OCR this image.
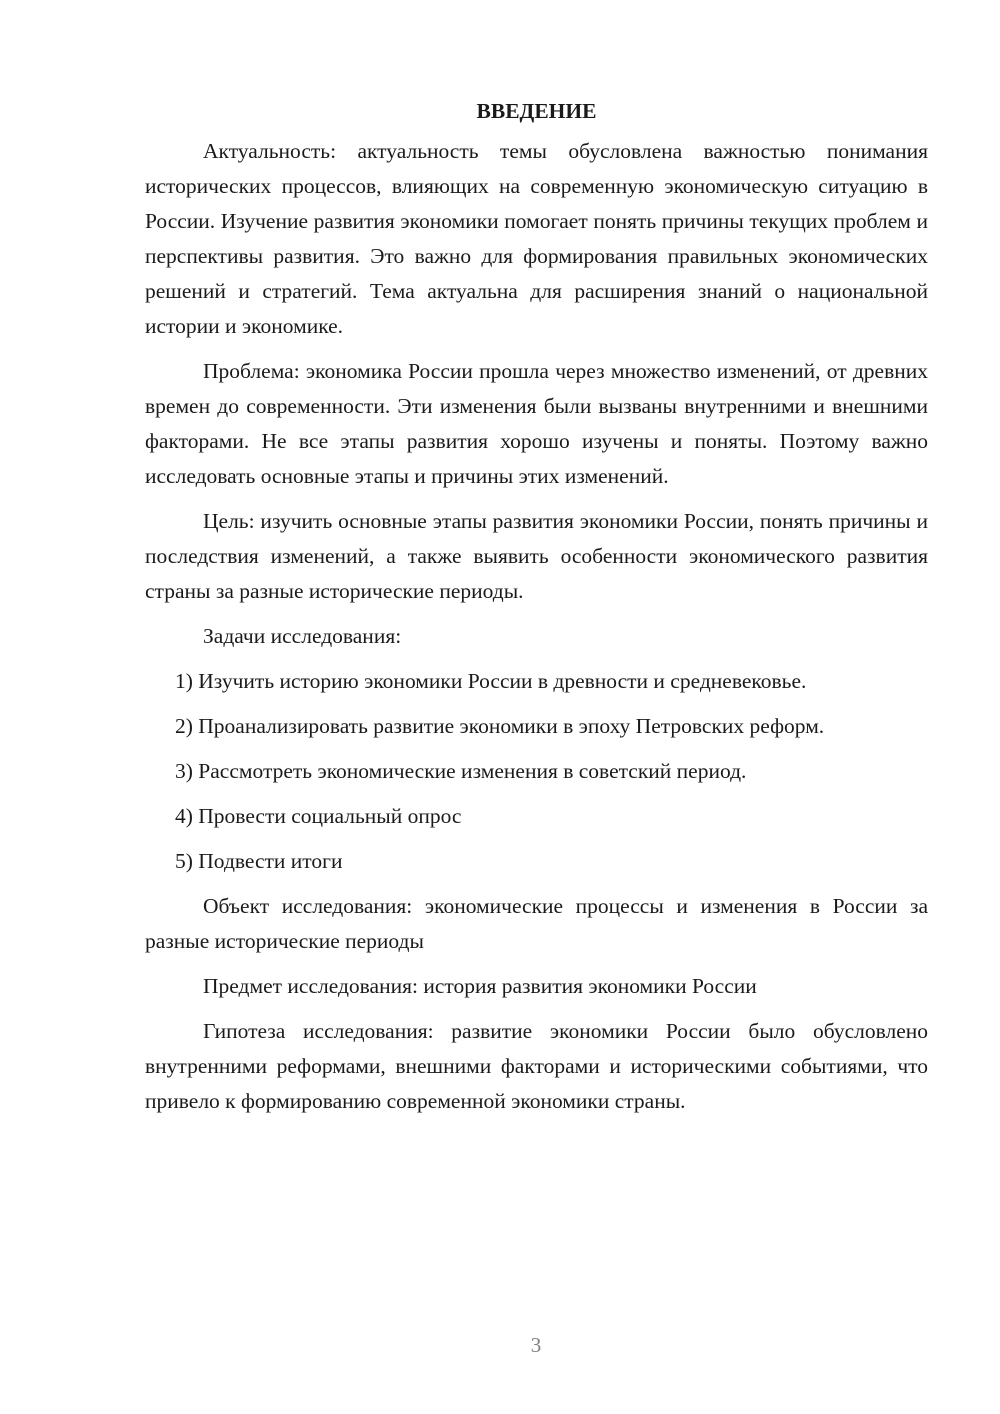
ВВЕДЕНИЕ

Актуальность: актуальность темы обусловлена важностью понимания исторических процессов, влияющих на современную экономическую ситуацию в России. Изучение развития экономики помогает понять причины текущих проблем и перспективы развития. Это важно для формирования правильных экономических решений и стратегий. Тема актуальна для расширения знаний о национальной истории и экономике.

Проблема: экономика России прошла через множество изменений, от древних времен до современности. Эти изменения были вызваны внутренними и внешними факторами. Не все этапы развития хорошо изучены и поняты. Поэтому важно исследовать основные этапы и причины этих изменений.

Цель: изучить основные этапы развития экономики России, понять причины и последствия изменений, а также выявить особенности экономического развития страны за разные исторические периоды.

Задачи исследования:

1) Изучить историю экономики России в древности и средневековье.

2) Проанализировать развитие экономики в эпоху Петровских реформ.

3) Рассмотреть экономические изменения в советский период.

4) Провести социальный опрос

5) Подвести итоги

Объект исследования: экономические процессы и изменения в России за разные исторические периоды

Предмет исследования: история развития экономики России

Гипотеза исследования: развитие экономики России было обусловлено внутренними реформами, внешними факторами и историческими событиями, что привело к формированию современной экономики страны.

3
